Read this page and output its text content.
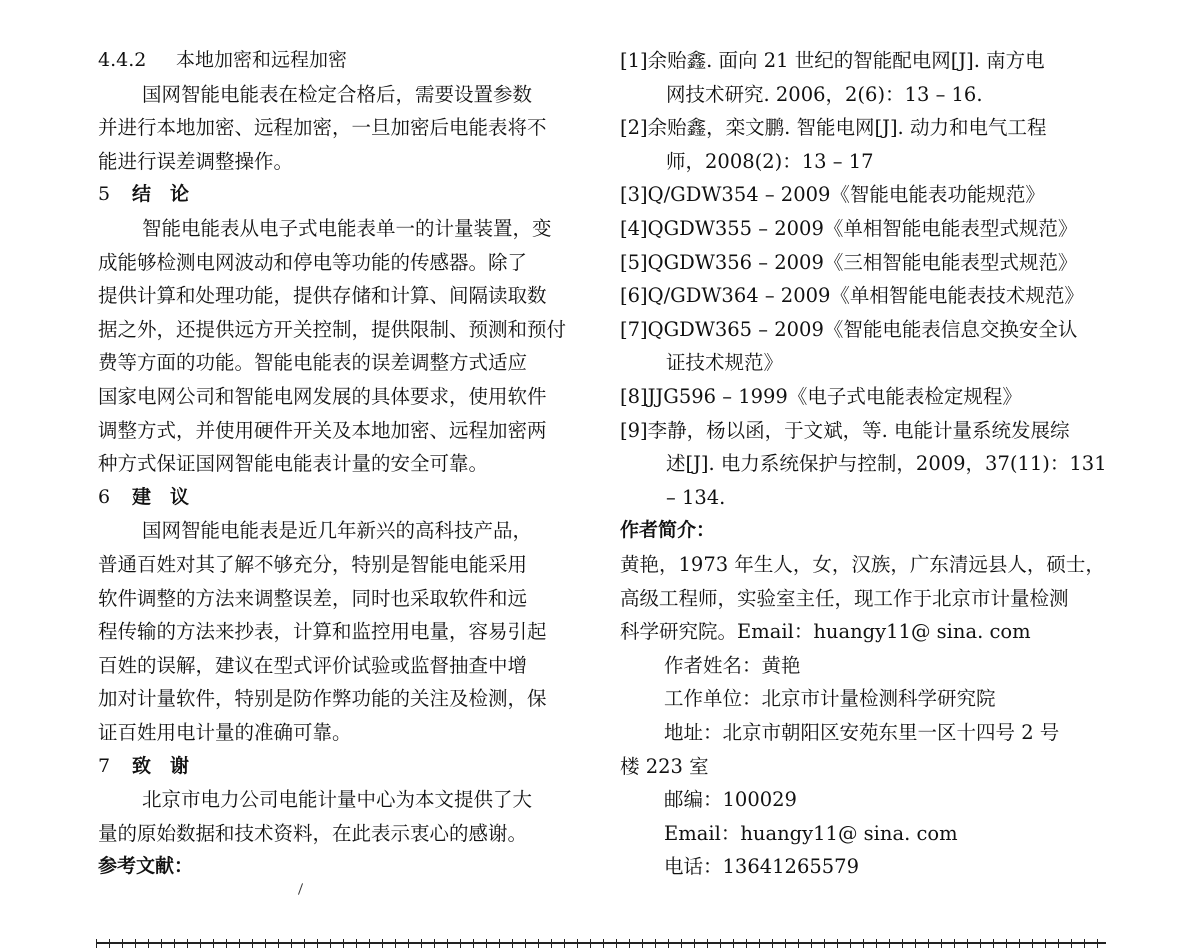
4.4.2 本地加密和远程加密
国网智能电能表在检定合格后，需要设置参数
并进行本地加密、远程加密，一旦加密后电能表将不
能进行误差调整操作。
5 结　论
智能电能表从电子式电能表单一的计量装置，变
成能够检测电网波动和停电等功能的传感器。除了
提供计算和处理功能，提供存储和计算、间隔读取数
据之外，还提供远方开关控制，提供限制、预测和预付
费等方面的功能。智能电能表的误差调整方式适应
国家电网公司和智能电网发展的具体要求，使用软件
调整方式，并使用硬件开关及本地加密、远程加密两
种方式保证国网智能电能表计量的安全可靠。
6 建　议
国网智能电能表是近几年新兴的高科技产品，
普通百姓对其了解不够充分，特别是智能电能采用
软件调整的方法来调整误差，同时也采取软件和远
程传输的方法来抄表，计算和监控用电量，容易引起
百姓的误解，建议在型式评价试验或监督抽查中增
加对计量软件，特别是防作弊功能的关注及检测，保
证百姓用电计量的准确可靠。
7 致　谢
北京市电力公司电能计量中心为本文提供了大
量的原始数据和技术资料，在此表示衷心的感谢。
参考文献：
[1]余贻鑫. 面向 21 世纪的智能配电网[J]. 南方电
网技术研究. 2006，2(6)：13 – 16.
[2]余贻鑫，栾文鹏. 智能电网[J]. 动力和电气工程
师，2008(2)：13 – 17
[3]Q/GDW354 – 2009《智能电能表功能规范》
[4]QGDW355 – 2009《单相智能电能表型式规范》
[5]QGDW356 – 2009《三相智能电能表型式规范》
[6]Q/GDW364 – 2009《单相智能电能表技术规范》
[7]QGDW365 – 2009《智能电能表信息交换安全认
证技术规范》
[8]JJG596 – 1999《电子式电能表检定规程》
[9]李静，杨以函，于文斌，等. 电能计量系统发展综
述[J]. 电力系统保护与控制，2009，37(11)：131
– 134.
作者简介：
黄艳，1973 年生人，女，汉族，广东清远县人，硕士，
高级工程师，实验室主任，现工作于北京市计量检测
科学研究院。Email：huangy11@ sina. com
作者姓名：黄艳
工作单位：北京市计量检测科学研究院
地址：北京市朝阳区安苑东里一区十四号 2 号
楼 223 室
邮编：100029
Email：huangy11@ sina. com
电话：13641265579
